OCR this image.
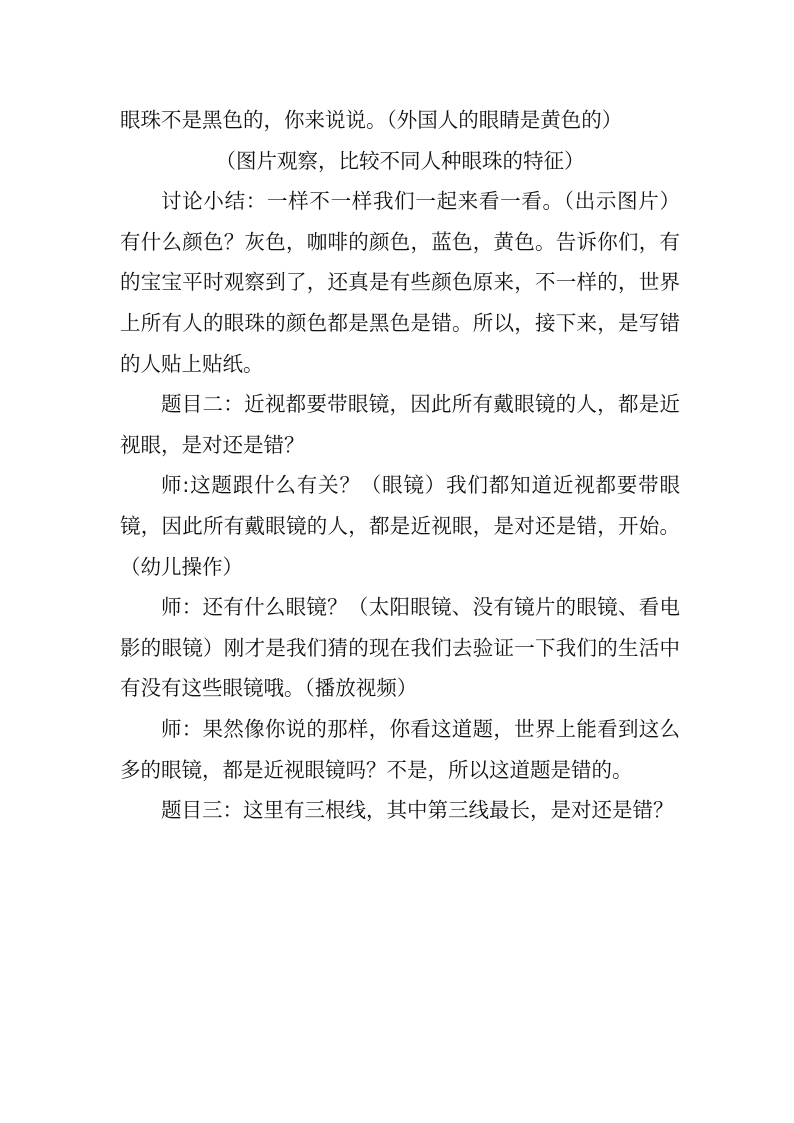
眼珠不是黑色的，你来说说。（外国人的眼睛是黄色的）

（图片观察，比较不同人种眼珠的特征）

讨论小结：一样不一样我们一起来看一看。（出示图片）有什么颜色？灰色，咖啡的颜色，蓝色，黄色。告诉你们，有的宝宝平时观察到了，还真是有些颜色原来，不一样的，世界上所有人的眼珠的颜色都是黑色是错。所以，接下来，是写错的人贴上贴纸。

题目二：近视都要带眼镜，因此所有戴眼镜的人，都是近视眼，是对还是错？

师:这题跟什么有关？（眼镜）我们都知道近视都要带眼镜，因此所有戴眼镜的人，都是近视眼，是对还是错，开始。（幼儿操作）

师：还有什么眼镜？（太阳眼镜、没有镜片的眼镜、看电影的眼镜）刚才是我们猜的现在我们去验证一下我们的生活中有没有这些眼镜哦。（播放视频）

师：果然像你说的那样，你看这道题，世界上能看到这么多的眼镜，都是近视眼镜吗？不是，所以这道题是错的。

题目三：这里有三根线，其中第三线最长，是对还是错？
